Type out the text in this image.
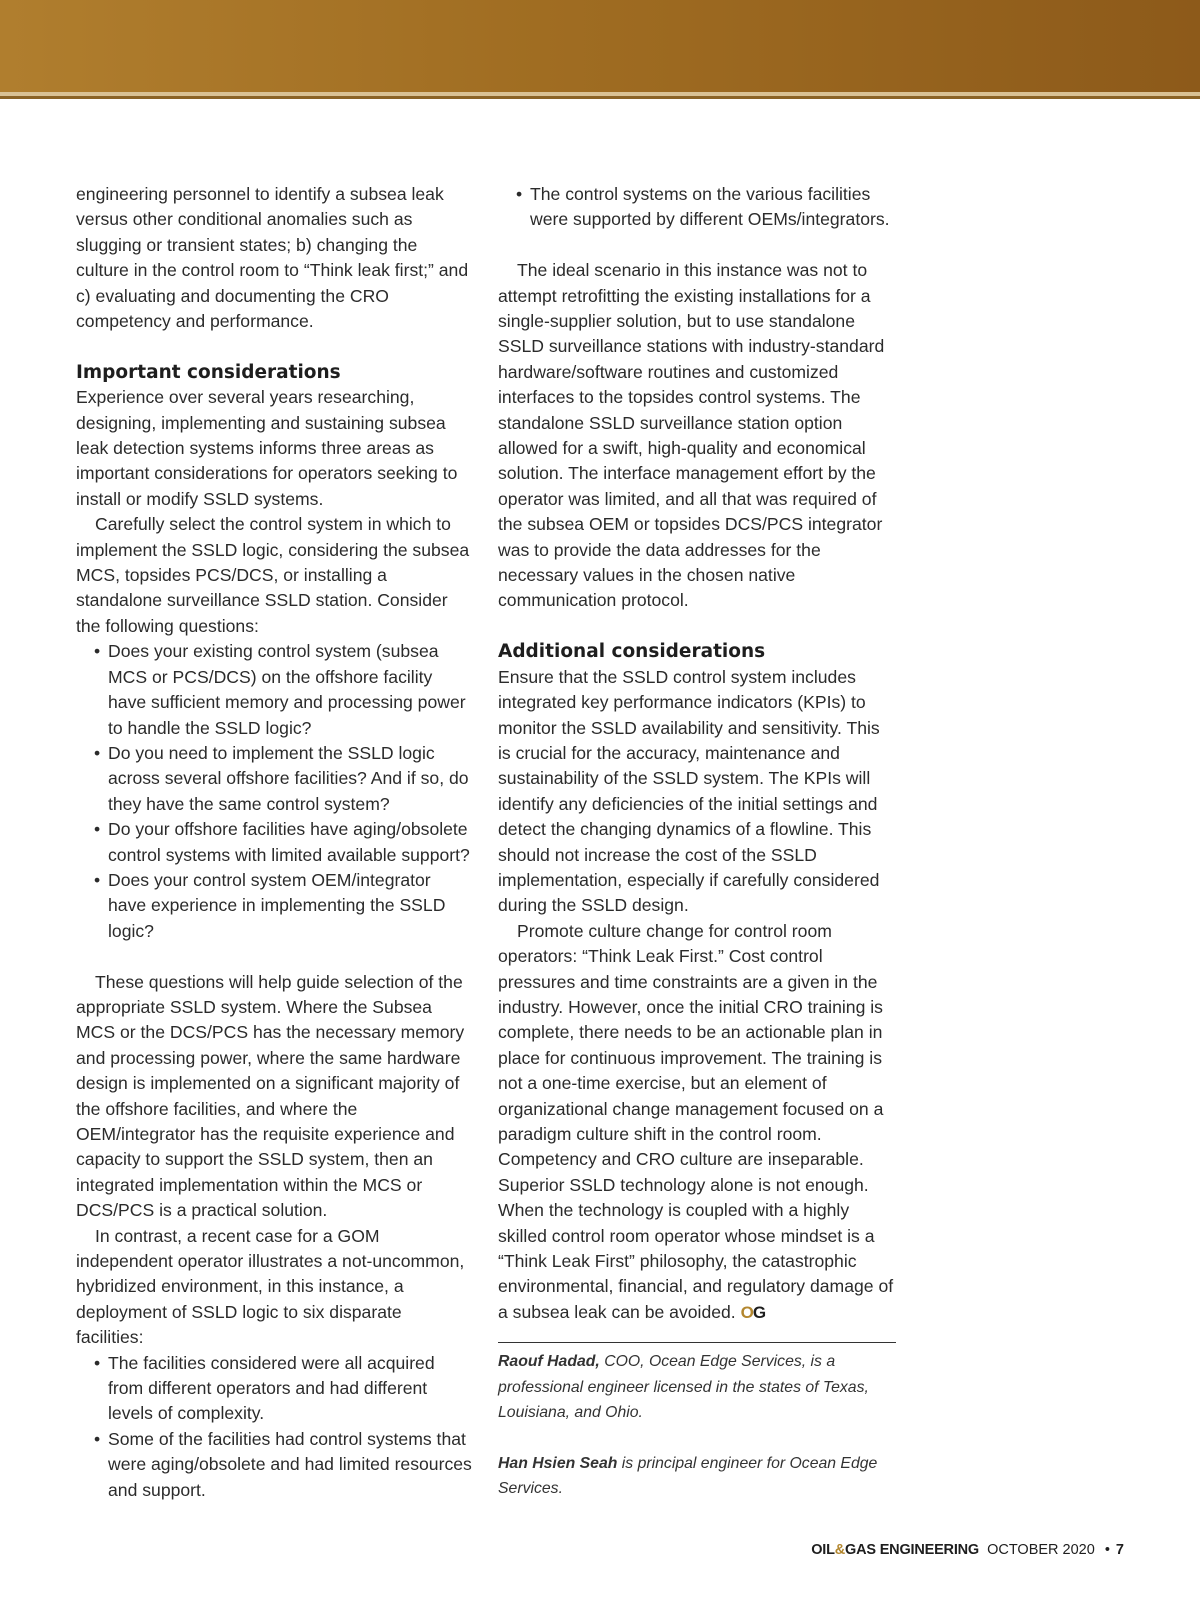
engineering personnel to identify a subsea leak versus other conditional anomalies such as slugging or transient states; b) changing the culture in the control room to “Think leak first;” and c) evaluating and documenting the CRO competency and performance.

Important considerations

Experience over several years researching, designing, implementing and sustaining subsea leak detection systems informs three areas as important considerations for operators seeking to install or modify SSLD systems.

Carefully select the control system in which to implement the SSLD logic, considering the subsea MCS, topsides PCS/DCS, or installing a standalone surveillance SSLD station. Consider the following questions:

• Does your existing control system (subsea MCS or PCS/DCS) on the offshore facility have sufficient memory and processing power to handle the SSLD logic?
• Do you need to implement the SSLD logic across several offshore facilities? And if so, do they have the same control system?
• Do your offshore facilities have aging/obsolete control systems with limited available support?
• Does your control system OEM/integrator have experience in implementing the SSLD logic?

These questions will help guide selection of the appropriate SSLD system. Where the Subsea MCS or the DCS/PCS has the necessary memory and processing power, where the same hardware design is implemented on a significant majority of the offshore facilities, and where the OEM/integrator has the requisite experience and capacity to support the SSLD system, then an integrated implementation within the MCS or DCS/PCS is a practical solution.

In contrast, a recent case for a GOM independent operator illustrates a not-uncommon, hybridized environment, in this instance, a deployment of SSLD logic to six disparate facilities:

• The facilities considered were all acquired from different operators and had different levels of complexity.
• Some of the facilities had control systems that were aging/obsolete and had limited resources and support.
• The control systems on the various facilities were supported by different OEMs/integrators.

The ideal scenario in this instance was not to attempt retrofitting the existing installations for a single-supplier solution, but to use standalone SSLD surveillance stations with industry-standard hardware/software routines and customized interfaces to the topsides control systems. The standalone SSLD surveillance station option allowed for a swift, high-quality and economical solution. The interface management effort by the operator was limited, and all that was required of the subsea OEM or topsides DCS/PCS integrator was to provide the data addresses for the necessary values in the chosen native communication protocol.

Additional considerations

Ensure that the SSLD control system includes integrated key performance indicators (KPIs) to monitor the SSLD availability and sensitivity. This is crucial for the accuracy, maintenance and sustainability of the SSLD system. The KPIs will identify any deficiencies of the initial settings and detect the changing dynamics of a flowline. This should not increase the cost of the SSLD implementation, especially if carefully considered during the SSLD design.

Promote culture change for control room operators: “Think Leak First.” Cost control pressures and time constraints are a given in the industry. However, once the initial CRO training is complete, there needs to be an actionable plan in place for continuous improvement. The training is not a one-time exercise, but an element of organizational change management focused on a paradigm culture shift in the control room. Competency and CRO culture are inseparable. Superior SSLD technology alone is not enough. When the technology is coupled with a highly skilled control room operator whose mindset is a “Think Leak First” philosophy, the catastrophic environmental, financial, and regulatory damage of a subsea leak can be avoided. OG

Raouf Hadad, COO, Ocean Edge Services, is a professional engineer licensed in the states of Texas, Louisiana, and Ohio.

Han Hsien Seah is principal engineer for Ocean Edge Services.

OIL&GAS ENGINEERING OCTOBER 2020 • 7
